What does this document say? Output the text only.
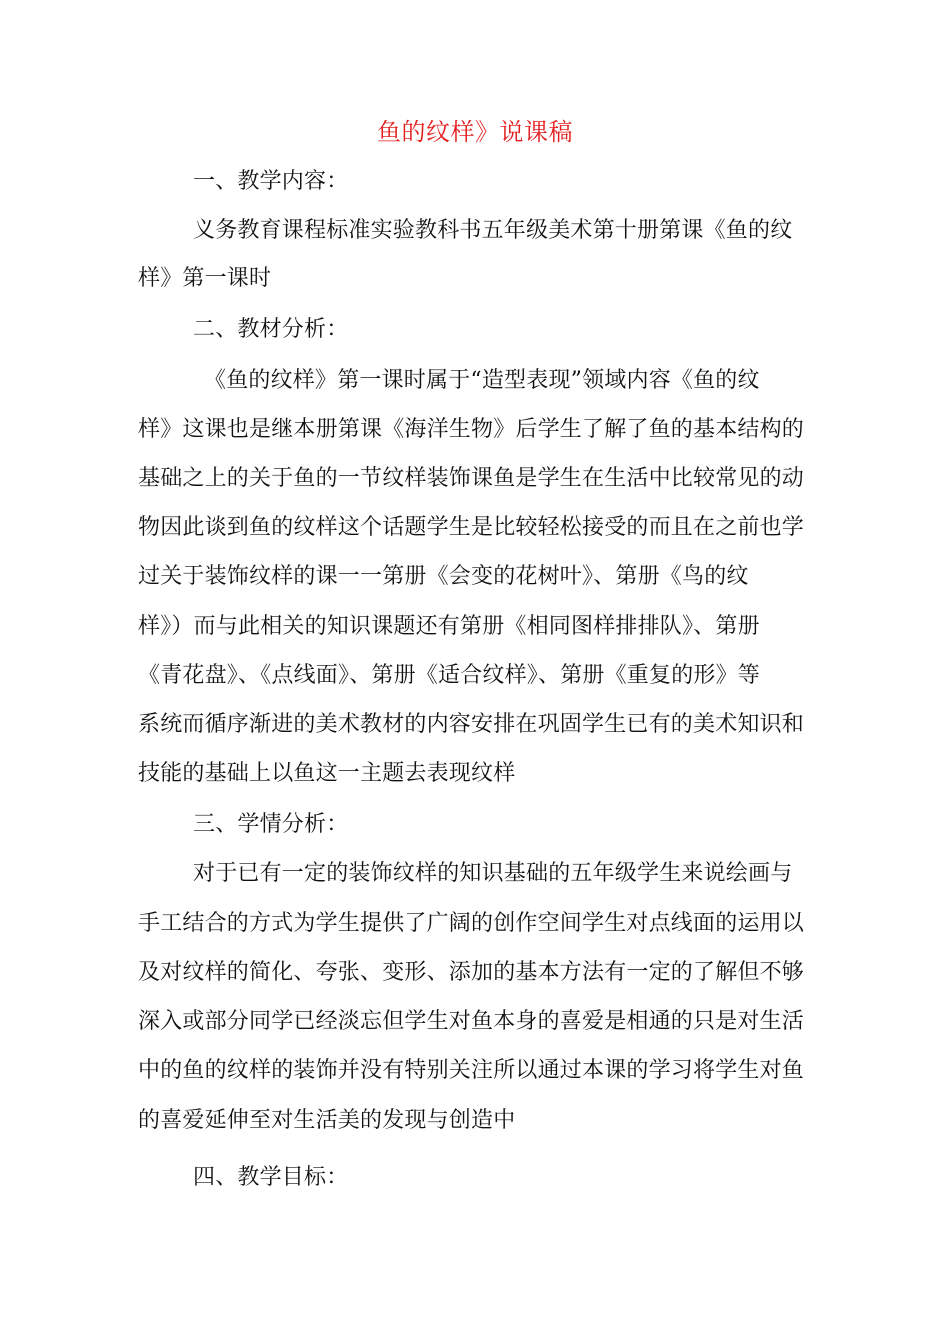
鱼的纹样》说课稿
一、教学内容：
义务教育课程标准实验教科书五年级美术第十册第课《鱼的纹
样》第一课时
二、教材分析：
《鱼的纹样》第一课时属于“造型表现”领域内容《鱼的纹
样》这课也是继本册第课《海洋生物》后学生了解了鱼的基本结构的
基础之上的关于鱼的一节纹样装饰课鱼是学生在生活中比较常见的动
物因此谈到鱼的纹样这个话题学生是比较轻松接受的而且在之前也学
过关于装饰纹样的课一一第册《会变的花树叶》、第册《鸟的纹
样》）而与此相关的知识课题还有第册《相同图样排排队》、第册
《青花盘》、《点线面》、第册《适合纹样》、第册《重复的形》等
系统而循序渐进的美术教材的内容安排在巩固学生已有的美术知识和
技能的基础上以鱼这一主题去表现纹样
三、学情分析：
对于已有一定的装饰纹样的知识基础的五年级学生来说绘画与
手工结合的方式为学生提供了广阔的创作空间学生对点线面的运用以
及对纹样的简化、夸张、变形、添加的基本方法有一定的了解但不够
深入或部分同学已经淡忘但学生对鱼本身的喜爱是相通的只是对生活
中的鱼的纹样的装饰并没有特别关注所以通过本课的学习将学生对鱼
的喜爱延伸至对生活美的发现与创造中
四、教学目标：
